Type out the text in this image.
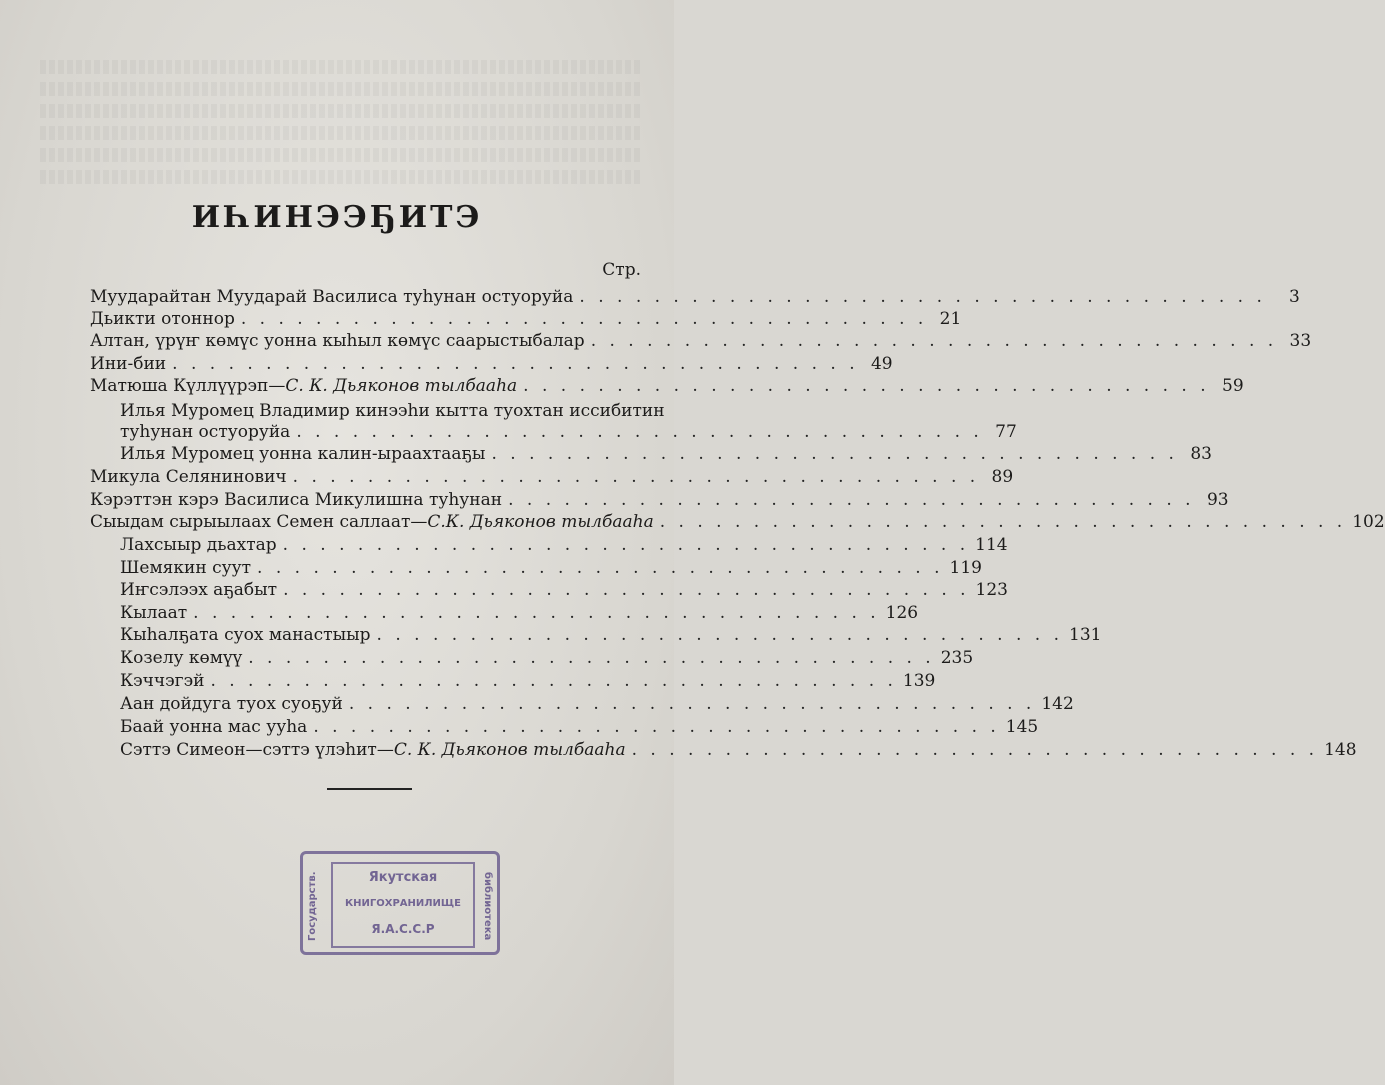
ИҺИНЭЭҔИТЭ
Стр.
Муударайтан Муударай Василиса туһунан остуоруйа . . . . . . . . . . . . . . . . . . . . . . . . . . . . . . . . . . . . .	3
Дьикти отоннор . . . . . . . . . . . . . . . . . . . . . . . . . . . . . . . . . . . . . 21
Алтан, үрүҥ көмүс уонна кыһыл көмүс саарыстыбалар . . . . . . . . . . . . . . . . . . . . . . . . . . . . . . . . . . . . . 33
Ини-бии . . . . . . . . . . . . . . . . . . . . . . . . . . . . . . . . . . . . . 49
Матюша Күллүүрэп— С. К. Дьяконов тылбааһа . . . . . . . . . . . . . . . . . . . . . . . . . . . . . . . . . . . . . 59
Илья Муромец Владимир кинээһи кытта туохтан иссибитин
туһунан остуоруйа . . . . . . . . . . . . . . . . . . . . . . . . . . . . . . . . . . . . . 77
Илья Муромец уонна калин-ыраахтааҕы . . . . . . . . . . . . . . . . . . . . . . . . . . . . . . . . . . . . . 83
Микула Селянинович . . . . . . . . . . . . . . . . . . . . . . . . . . . . . . . . . . . . . 89
Кэрэттэн кэрэ Василиса Микулишна туһунан . . . . . . . . . . . . . . . . . . . . . . . . . . . . . . . . . . . . . 93
Сыыдам сырыылаах Семен саллаат— С.К. Дьяконов тылбааһа . . . . . . . . . . . . . . . . . . . . . . . . . . . . . . . . . . . . . 102
Лахсыыр дьахтар . . . . . . . . . . . . . . . . . . . . . . . . . . . . . . . . . . . . . 114
Шемякин суут . . . . . . . . . . . . . . . . . . . . . . . . . . . . . . . . . . . . . 119
Иҥсэлээх аҕабыт . . . . . . . . . . . . . . . . . . . . . . . . . . . . . . . . . . . . . 123
Кылаат . . . . . . . . . . . . . . . . . . . . . . . . . . . . . . . . . . . . . 126
Кыһалҕата суох манастыыр . . . . . . . . . . . . . . . . . . . . . . . . . . . . . . . . . . . . . 131
Козелу көмүү . . . . . . . . . . . . . . . . . . . . . . . . . . . . . . . . . . . . . 235
Кэччэгэй . . . . . . . . . . . . . . . . . . . . . . . . . . . . . . . . . . . . . 139
Аан дойдуга туох суоҕуй . . . . . . . . . . . . . . . . . . . . . . . . . . . . . . . . . . . . . 142
Баай уонна мас ууһа . . . . . . . . . . . . . . . . . . . . . . . . . . . . . . . . . . . . . 145
Сэттэ Симеон—сэттэ үлэһит— С. К. Дьяконов тылбааһа . . . . . . . . . . . . . . . . . . . . . . . . . . . . . . . . . . . . . 148
Государств.	библиотека
Якутская
КНИГОХРАНИЛИЩЕ
Я.А.С.С.Р
